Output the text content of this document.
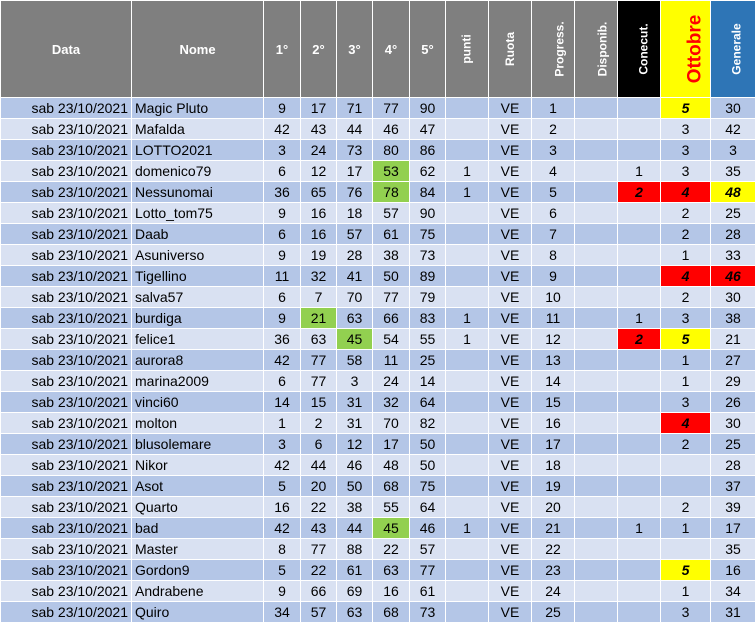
Data	Nome	1°	2°	3°	4°	5°	punti	Ruota	Progress.	Disponib.	Conecut.	Ottobre	Generale
sab 23/10/2021	Magic Pluto	9	17	71	77	90		VE	1			5	30
sab 23/10/2021	Mafalda	42	43	44	46	47		VE	2			3	42
sab 23/10/2021	LOTTO2021	3	24	73	80	86		VE	3			3	3
sab 23/10/2021	domenico79	6	12	17	53	62	1	VE	4		1	3	35
sab 23/10/2021	Nessunomai	36	65	76	78	84	1	VE	5		2	4	48
sab 23/10/2021	Lotto_tom75	9	16	18	57	90		VE	6			2	25
sab 23/10/2021	Daab	6	16	57	61	75		VE	7			2	28
sab 23/10/2021	Asuniverso	9	19	28	38	73		VE	8			1	33
sab 23/10/2021	Tigellino	11	32	41	50	89		VE	9			4	46
sab 23/10/2021	salva57	6	7	70	77	79		VE	10			2	30
sab 23/10/2021	burdiga	9	21	63	66	83	1	VE	11		1	3	38
sab 23/10/2021	felice1	36	63	45	54	55	1	VE	12		2	5	21
sab 23/10/2021	aurora8	42	77	58	11	25		VE	13			1	27
sab 23/10/2021	marina2009	6	77	3	24	14		VE	14			1	29
sab 23/10/2021	vinci60	14	15	31	32	64		VE	15			3	26
sab 23/10/2021	molton	1	2	31	70	82		VE	16			4	30
sab 23/10/2021	blusolemare	3	6	12	17	50		VE	17			2	25
sab 23/10/2021	Nikor	42	44	46	48	50		VE	18				28
sab 23/10/2021	Asot	5	20	50	68	75		VE	19				37
sab 23/10/2021	Quarto	16	22	38	55	64		VE	20			2	39
sab 23/10/2021	bad	42	43	44	45	46	1	VE	21		1	1	17
sab 23/10/2021	Master	8	77	88	22	57		VE	22				35
sab 23/10/2021	Gordon9	5	22	61	63	77		VE	23			5	16
sab 23/10/2021	Andrabene	9	66	69	16	61		VE	24			1	34
sab 23/10/2021	Quiro	34	57	63	68	73		VE	25			3	31
